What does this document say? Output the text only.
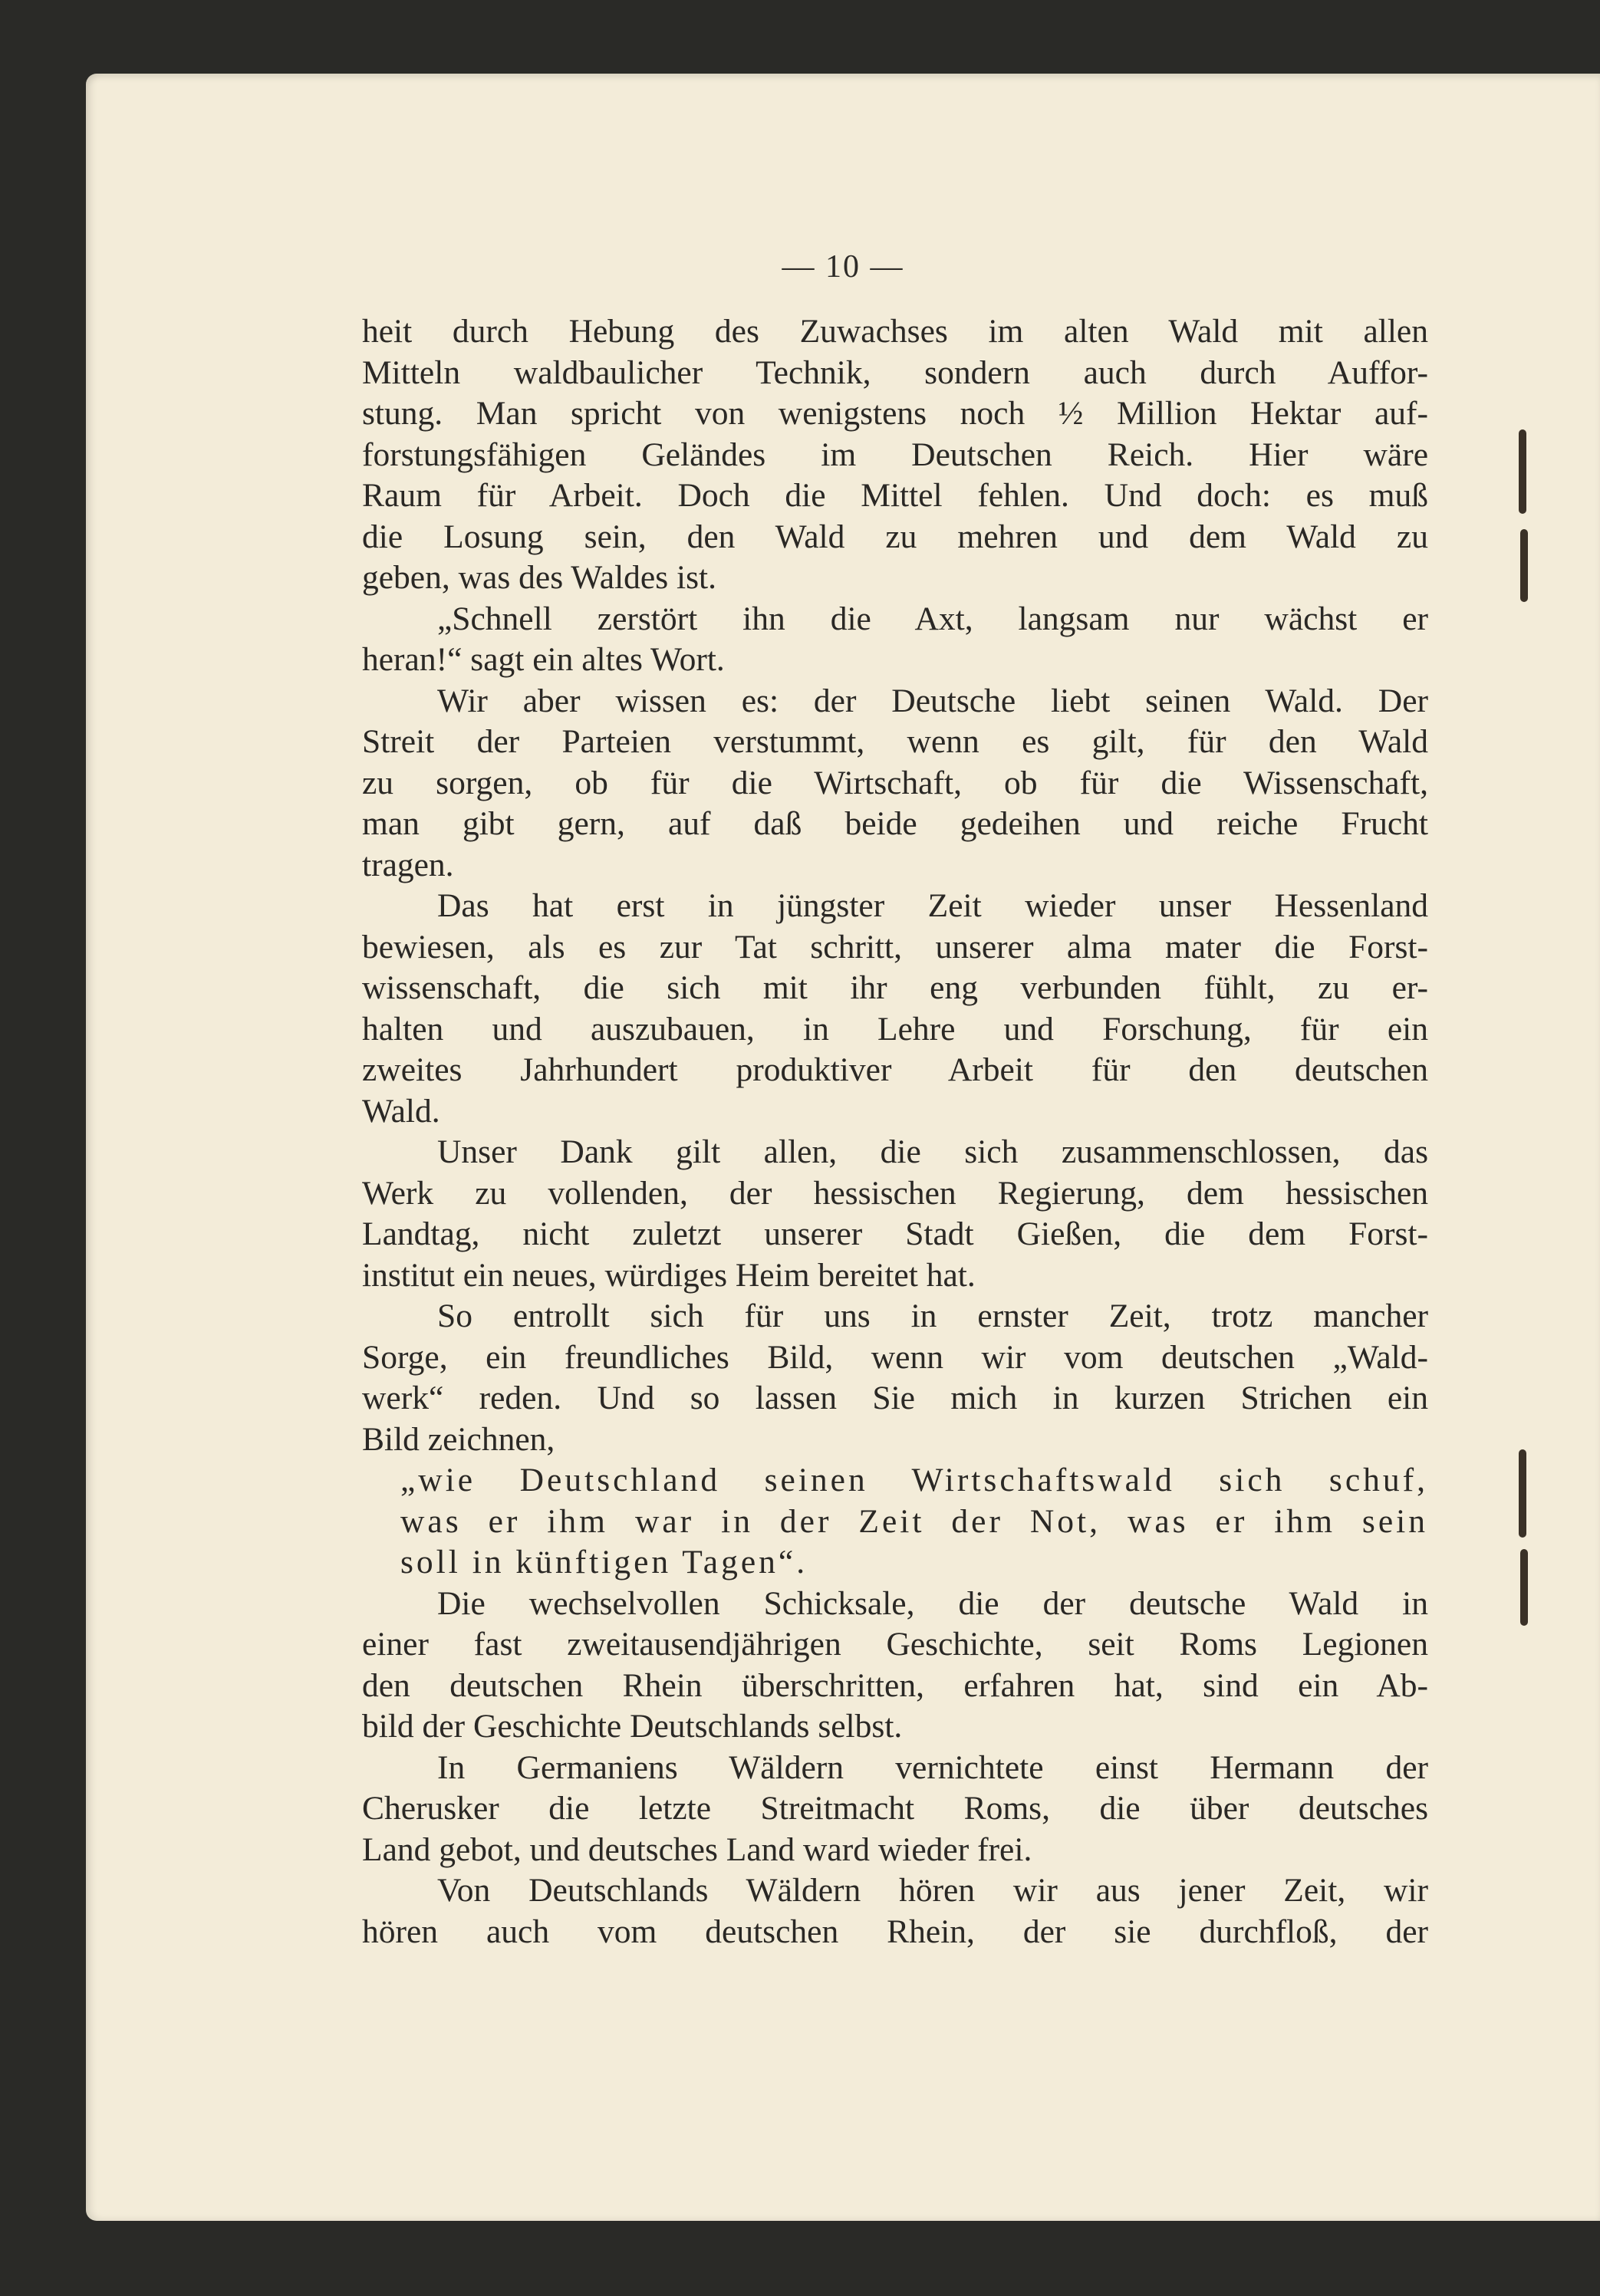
— 10 —
heit durch Hebung des Zuwachses im alten Wald mit allen
Mitteln waldbaulicher Technik, sondern auch durch Auffor-
stung. Man spricht von wenigstens noch ½ Million Hektar auf-
forstungsfähigen Geländes im Deutschen Reich. Hier wäre
Raum für Arbeit. Doch die Mittel fehlen. Und doch: es muß
die Losung sein, den Wald zu mehren und dem Wald zu
geben, was des Waldes ist.
„Schnell zerstört ihn die Axt, langsam nur wächst er
heran!“ sagt ein altes Wort.
Wir aber wissen es: der Deutsche liebt seinen Wald. Der
Streit der Parteien verstummt, wenn es gilt, für den Wald
zu sorgen, ob für die Wirtschaft, ob für die Wissenschaft,
man gibt gern, auf daß beide gedeihen und reiche Frucht
tragen.
Das hat erst in jüngster Zeit wieder unser Hessenland
bewiesen, als es zur Tat schritt, unserer alma mater die Forst-
wissenschaft, die sich mit ihr eng verbunden fühlt, zu er-
halten und auszubauen, in Lehre und Forschung, für ein
zweites Jahrhundert produktiver Arbeit für den deutschen
Wald.
Unser Dank gilt allen, die sich zusammenschlossen, das
Werk zu vollenden, der hessischen Regierung, dem hessischen
Landtag, nicht zuletzt unserer Stadt Gießen, die dem Forst-
institut ein neues, würdiges Heim bereitet hat.
So entrollt sich für uns in ernster Zeit, trotz mancher
Sorge, ein freundliches Bild, wenn wir vom deutschen „Wald-
werk“ reden. Und so lassen Sie mich in kurzen Strichen ein
Bild zeichnen,
„wie Deutschland seinen Wirtschaftswald sich schuf,
was er ihm war in der Zeit der Not, was er ihm sein
soll in künftigen Tagen“.
Die wechselvollen Schicksale, die der deutsche Wald in
einer fast zweitausendjährigen Geschichte, seit Roms Legionen
den deutschen Rhein überschritten, erfahren hat, sind ein Ab-
bild der Geschichte Deutschlands selbst.
In Germaniens Wäldern vernichtete einst Hermann der
Cherusker die letzte Streitmacht Roms, die über deutsches
Land gebot, und deutsches Land ward wieder frei.
Von Deutschlands Wäldern hören wir aus jener Zeit, wir
hören auch vom deutschen Rhein, der sie durchfloß, der
